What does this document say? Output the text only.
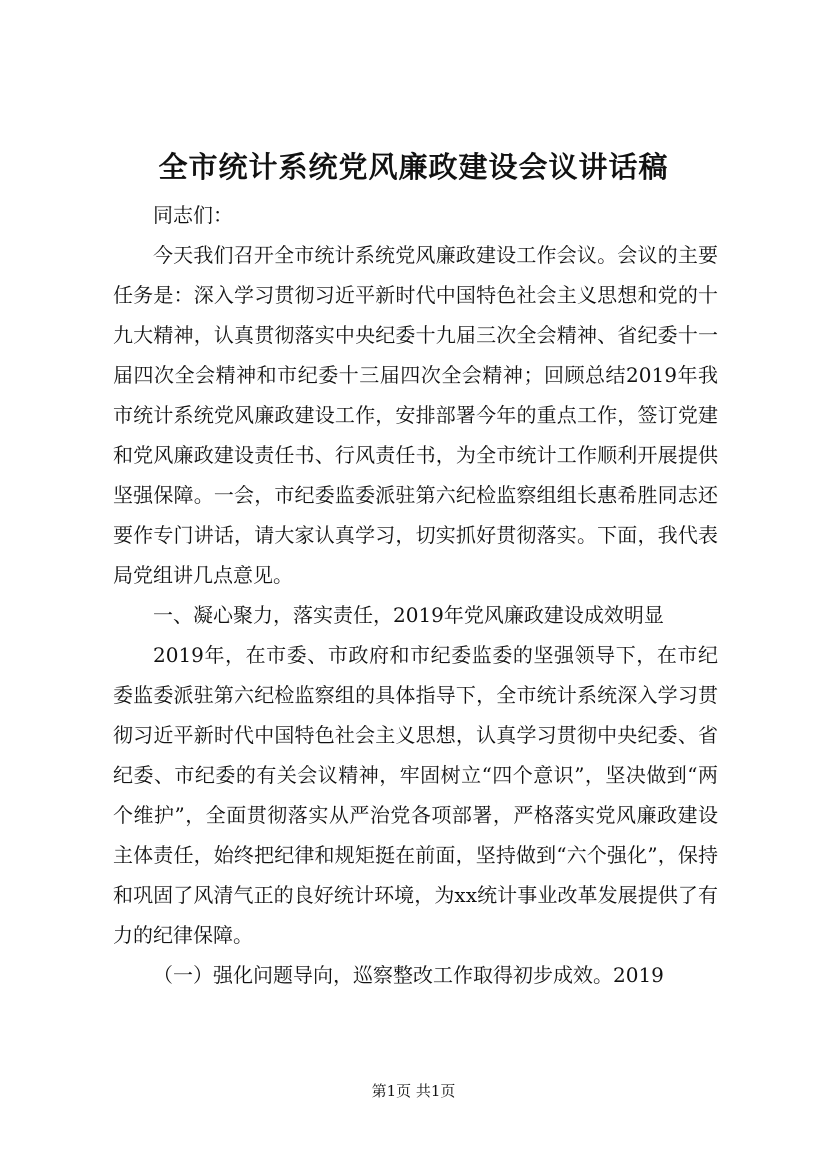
全市统计系统党风廉政建设会议讲话稿

同志们：

今天我们召开全市统计系统党风廉政建设工作会议。会议的主要任务是：深入学习贯彻习近平新时代中国特色社会主义思想和党的十九大精神，认真贯彻落实中央纪委十九届三次全会精神、省纪委十一届四次全会精神和市纪委十三届四次全会精神；回顾总结2019年我市统计系统党风廉政建设工作，安排部署今年的重点工作，签订党建和党风廉政建设责任书、行风责任书，为全市统计工作顺利开展提供坚强保障。一会，市纪委监委派驻第六纪检监察组组长惠希胜同志还要作专门讲话，请大家认真学习，切实抓好贯彻落实。下面，我代表局党组讲几点意见。

一、凝心聚力，落实责任，2019年党风廉政建设成效明显

2019年，在市委、市政府和市纪委监委的坚强领导下，在市纪委监委派驻第六纪检监察组的具体指导下，全市统计系统深入学习贯彻习近平新时代中国特色社会主义思想，认真学习贯彻中央纪委、省纪委、市纪委的有关会议精神，牢固树立“四个意识”，坚决做到“两个维护”，全面贯彻落实从严治党各项部署，严格落实党风廉政建设主体责任，始终把纪律和规矩挺在前面，坚持做到“六个强化”，保持和巩固了风清气正的良好统计环境，为xx统计事业改革发展提供了有力的纪律保障。

（一）强化问题导向，巡察整改工作取得初步成效。2019

第1页 共1页
